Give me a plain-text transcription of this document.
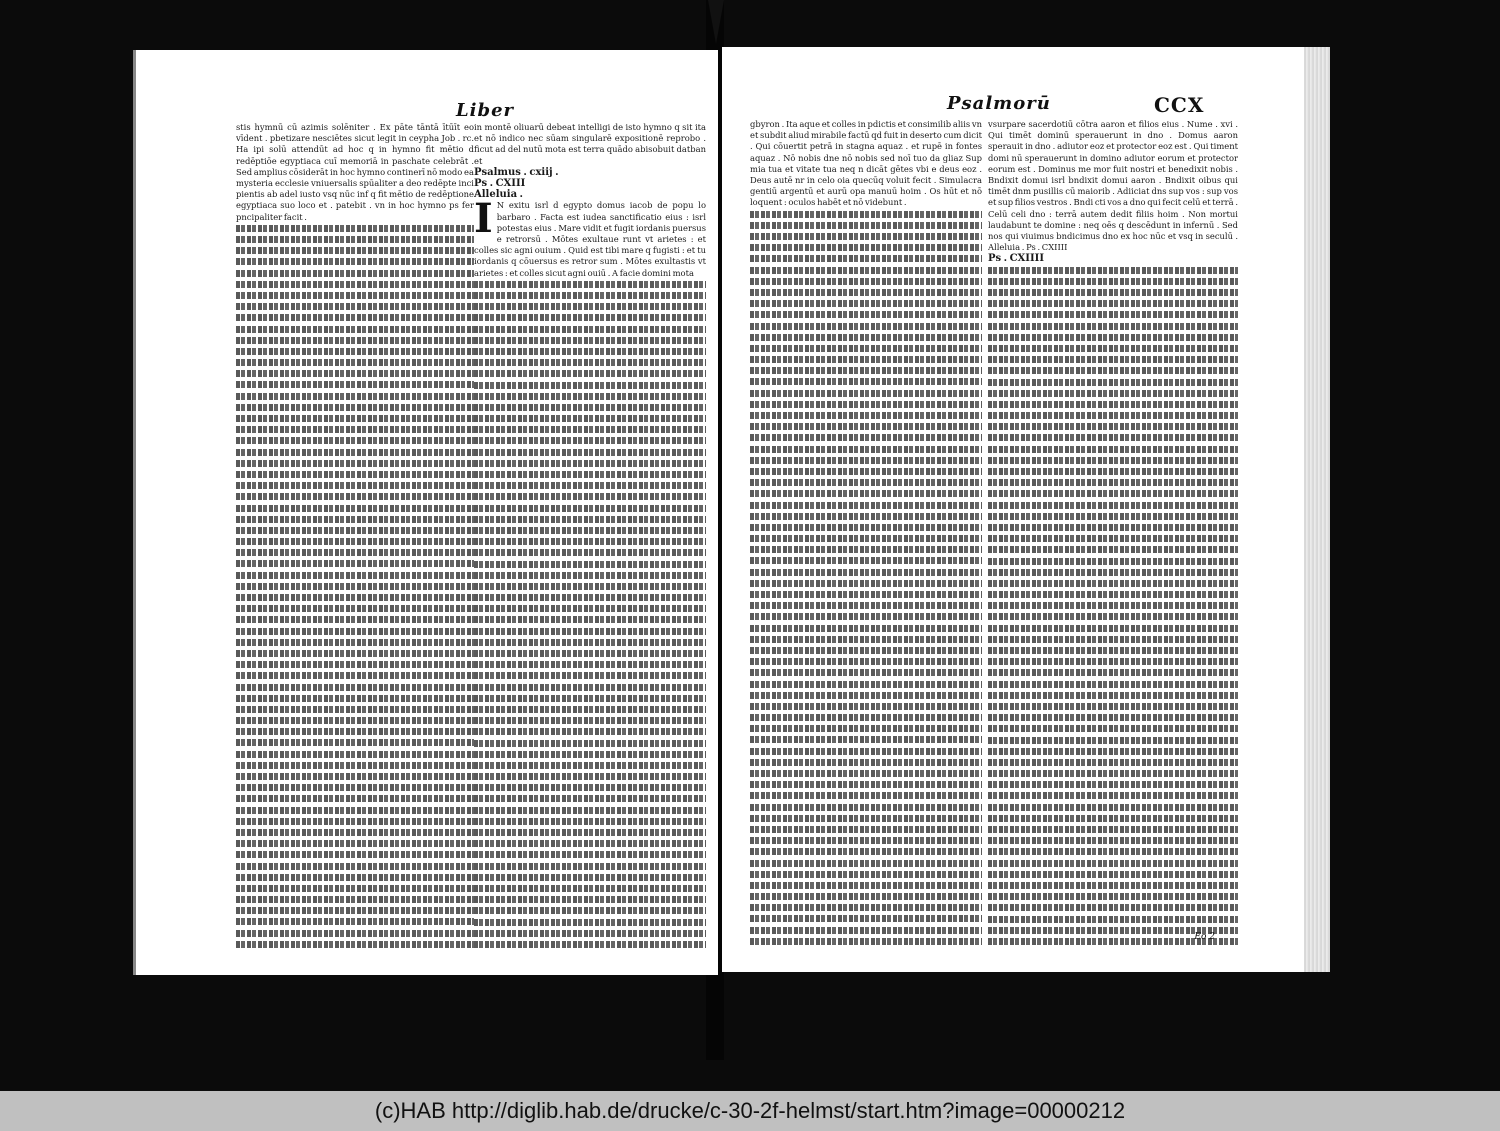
Liber

stis hymnū cū azimis solēniter . Ex pāte tāntā ītūīt eo vīdent . pbetizare nesciētes sicut legit in ceypha Job . rc. Ha ipi solū attendūt ad hoc q in hymno fit mētio d redēptiōe egyptiaca cuī memoriā in paschate celebrāt . Sed amplius cōsiderāt in hoc hymno continerī nō modo ea mysteria ecclesie vniuersalis spūaliter a deo redēpte inci pientis ab adel iusto vsq nūc inf q fit mētio de redēptione egyptiaca suo loco et . patebit . vn in hoc hymno ps fer pncipaliter facit .

in montē oliuarū debeat intelligi de isto hymno q sit ita et nō indico nec sūam singularē expositionē reprobo . ficut ad del nutū mota est terra quādo abisobuit datban et

Psalmus . cxiij .

Ps . CXIII

Alleluia .

I N exitu isrl d egypto domus iacob de popu lo barbaro . Facta est iudea sanctificatio eius : isrl potestas eius . Mare vidit et fugit iordanis puersus e retrorsū . Mōtes exultaue runt vt arietes : et colles sic agni ouium . Quid est tibi mare q fugisti : et tu iordanis q cōuersus es retror sum . Mōtes exultastis vt arietes : et colles sicut agni ouiū . A facie domini mota

Psalmorū	CCX

gbyron . Ita aque et colles in pdictis et consimilib aliis vn et subdit aliud mirabile factū qd fuit in deserto cum dicit . Qui cōuertit petrā in stagna aquaz . et rupē in fontes aquaz . Nō nobis dne nō nobis sed noī tuo da gliaz Sup mia tua et vitate tua neq n dicāt gētes vbi e deus eoz . Deus autē nr in celo oia quecūq voluit fecit . Simulacra gentiū argentū et aurū opa manuū hoim . Os hūt et nō loquent : oculos habēt et nō videbunt .

vsurpare sacerdotiū cōtra aaron et filios eius . Nume . xvi . Qui timēt dominū sperauerunt in dno . Domus aaron sperauit in dno . adiutor eoz et protector eoz est . Qui timent domi nū sperauerunt in domino adiutor eorum et protector eorum est . Dominus me mor fuit nostri et benedixit nobis . Bndixit domui isrl bndixit domui aaron . Bndixit oibus qui timēt dnm pusillis cū maiorib . Adiiciat dns sup vos : sup vos et sup filios vestros . Bndi cti vos a dno qui fecit celū et terrā . Celū celi dno : terrā autem dedit filiis hoim . Non mortui laudabunt te domine : neq oēs q descēdunt in infernū . Sed nos qui viuimus bndicimus dno ex hoc nūc et vsq in seculū . Alleluia . Ps . CXIIII

Ps . CXIIII

Eo 2
(c)HAB http://diglib.hab.de/drucke/c-30-2f-helmst/start.htm?image=00000212
